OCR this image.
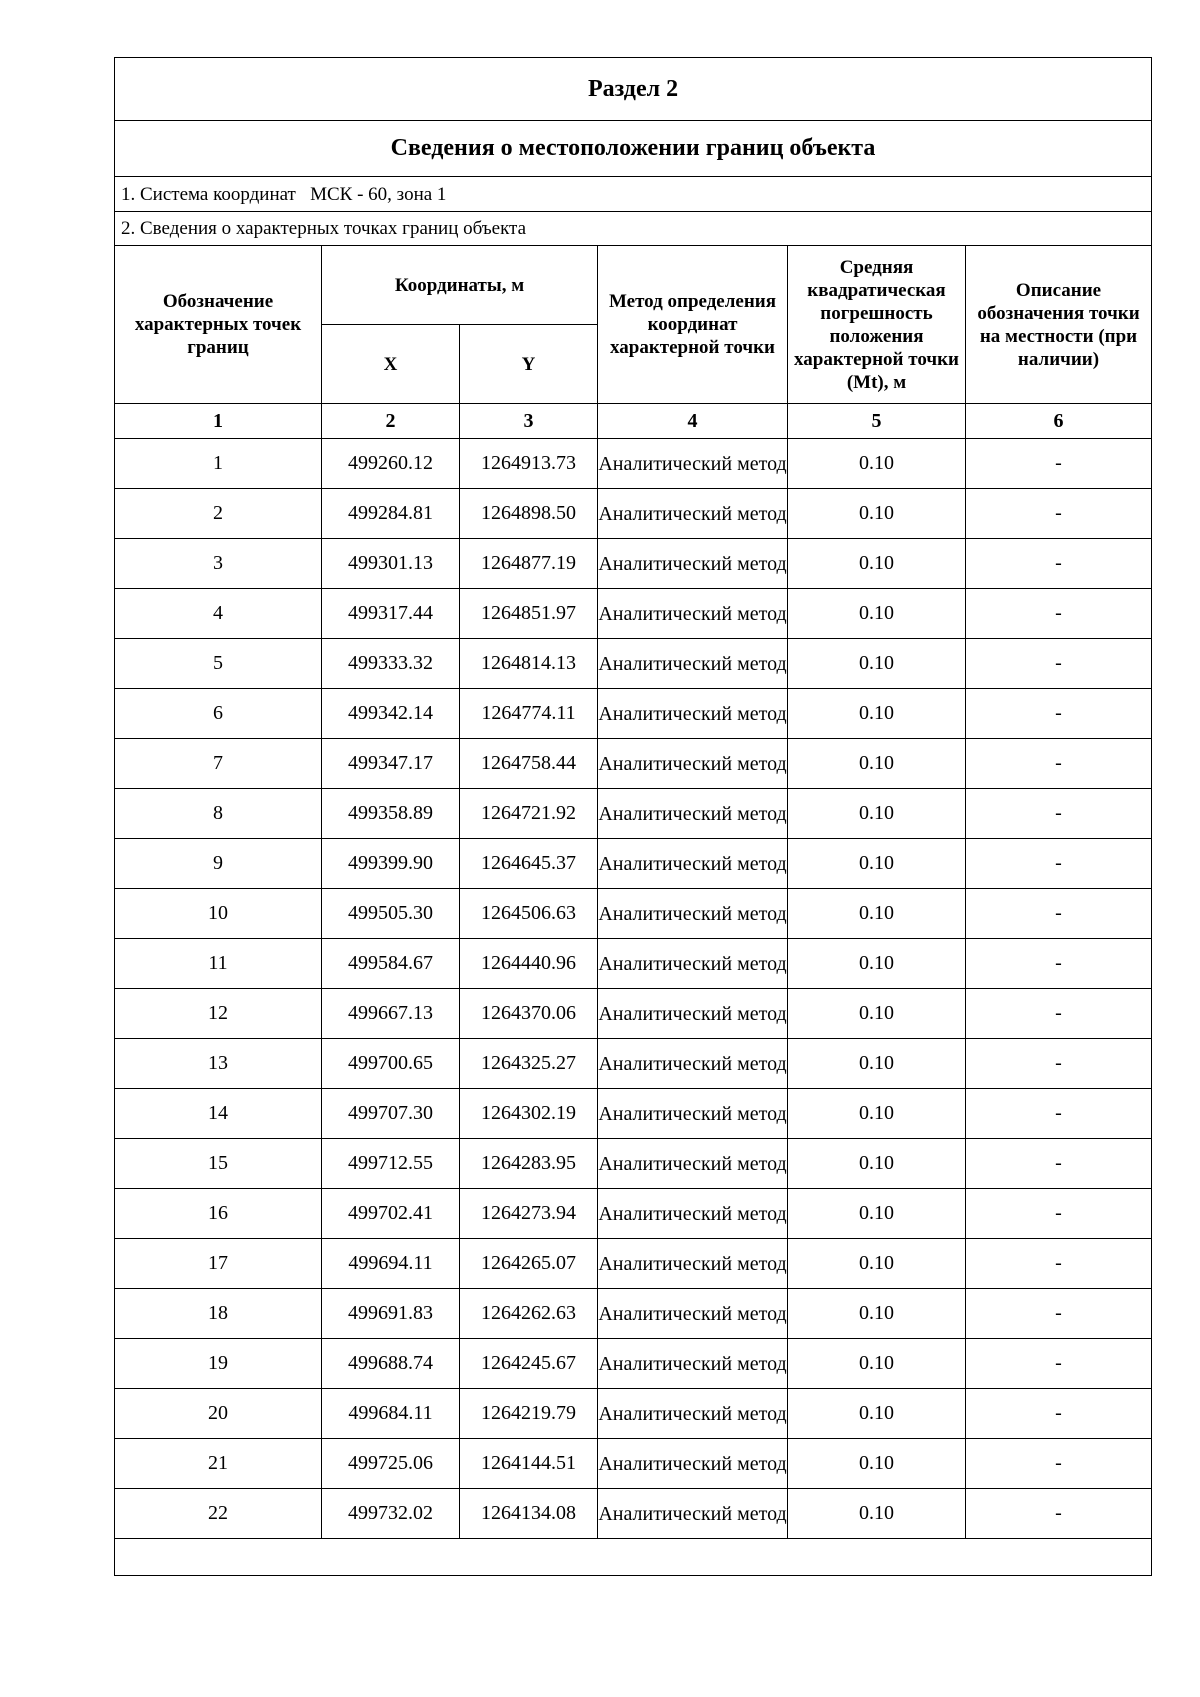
Раздел 2					
Сведения о местоположении границ объекта					
1. Система координат МСК - 60, зона 1					
2. Сведения о характерных точках границ объекта					
Обозначение характерных точек границ	Координаты, м		Метод определения координат характерной точки	Средняя квадратическая погрешность положения характерной точки (Mt), м	Описание обозначения точки на местности (при наличии)
	X	Y			
1	2	3	4	5	6
1	499260.12	1264913.73	Аналитический метод	0.10	-
2	499284.81	1264898.50	Аналитический метод	0.10	-
3	499301.13	1264877.19	Аналитический метод	0.10	-
4	499317.44	1264851.97	Аналитический метод	0.10	-
5	499333.32	1264814.13	Аналитический метод	0.10	-
6	499342.14	1264774.11	Аналитический метод	0.10	-
7	499347.17	1264758.44	Аналитический метод	0.10	-
8	499358.89	1264721.92	Аналитический метод	0.10	-
9	499399.90	1264645.37	Аналитический метод	0.10	-
10	499505.30	1264506.63	Аналитический метод	0.10	-
11	499584.67	1264440.96	Аналитический метод	0.10	-
12	499667.13	1264370.06	Аналитический метод	0.10	-
13	499700.65	1264325.27	Аналитический метод	0.10	-
14	499707.30	1264302.19	Аналитический метод	0.10	-
15	499712.55	1264283.95	Аналитический метод	0.10	-
16	499702.41	1264273.94	Аналитический метод	0.10	-
17	499694.11	1264265.07	Аналитический метод	0.10	-
18	499691.83	1264262.63	Аналитический метод	0.10	-
19	499688.74	1264245.67	Аналитический метод	0.10	-
20	499684.11	1264219.79	Аналитический метод	0.10	-
21	499725.06	1264144.51	Аналитический метод	0.10	-
22	499732.02	1264134.08	Аналитический метод	0.10	-
